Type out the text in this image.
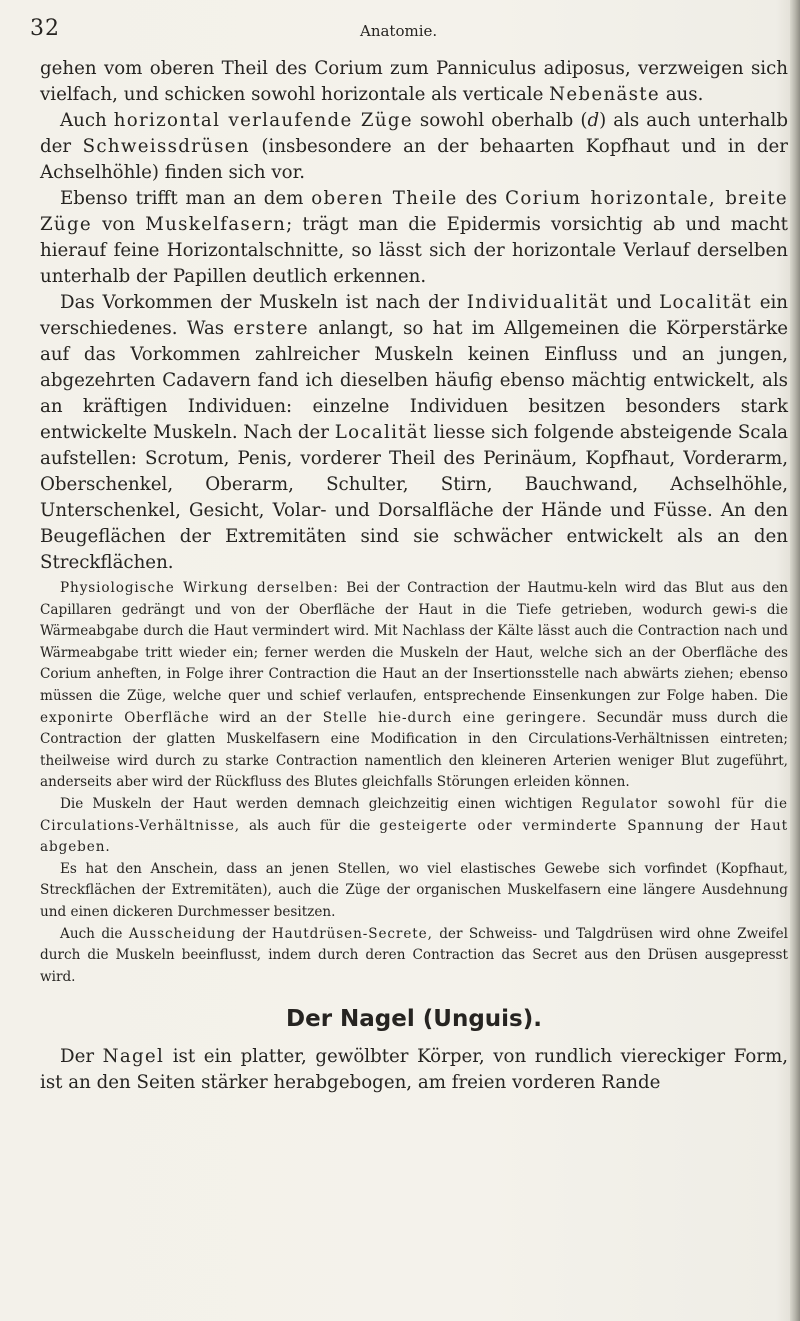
32	Anatomie.

gehen vom oberen Theil des Corium zum Panniculus adiposus, verzweigen sich vielfach, und schicken sowohl horizontale als verticale Nebenäste aus.

Auch horizontal verlaufende Züge sowohl oberhalb (d) als auch unterhalb der Schweissdrüsen (insbesondere an der behaarten Kopfhaut und in der Achselhöhle) finden sich vor.

Ebenso trifft man an dem oberen Theile des Corium horizontale, breite Züge von Muskelfasern; trägt man die Epidermis vorsichtig ab und macht hierauf feine Horizontalschnitte, so lässt sich der horizontale Verlauf derselben unterhalb der Papillen deutlich erkennen.

Das Vorkommen der Muskeln ist nach der Individualität und Localität ein verschiedenes. Was erstere anlangt, so hat im Allgemeinen die Körperstärke auf das Vorkommen zahlreicher Muskeln keinen Einfluss und an jungen, abgezehrten Cadavern fand ich dieselben häufig ebenso mächtig entwickelt, als an kräftigen Individuen: einzelne Individuen besitzen besonders stark entwickelte Muskeln. Nach der Localität liesse sich folgende absteigende Scala aufstellen: Scrotum, Penis, vorderer Theil des Perinäum, Kopfhaut, Vorderarm, Oberschenkel, Oberarm, Schulter, Stirn, Bauchwand, Achselhöhle, Unterschenkel, Gesicht, Volar- und Dorsalfläche der Hände und Füsse. An den Beugeflächen der Extremitäten sind sie schwächer entwickelt als an den Streckflächen.

Physiologische Wirkung derselben: Bei der Contraction der Hautmu-keln wird das Blut aus den Capillaren gedrängt und von der Oberfläche der Haut in die Tiefe getrieben, wodurch gewi-s die Wärmeabgabe durch die Haut vermindert wird. Mit Nachlass der Kälte lässt auch die Contraction nach und Wärmeabgabe tritt wieder ein; ferner werden die Muskeln der Haut, welche sich an der Oberfläche des Corium anheften, in Folge ihrer Contraction die Haut an der Insertionsstelle nach abwärts ziehen; ebenso müssen die Züge, welche quer und schief verlaufen, entsprechende Einsenkungen zur Folge haben. Die exponirte Oberfläche wird an der Stelle hie-durch eine geringere. Secundär muss durch die Contraction der glatten Muskelfasern eine Modification in den Circulations-Verhältnissen eintreten; theilweise wird durch zu starke Contraction namentlich den kleineren Arterien weniger Blut zugeführt, anderseits aber wird der Rückfluss des Blutes gleichfalls Störungen erleiden können.

Die Muskeln der Haut werden demnach gleichzeitig einen wichtigen Regulator sowohl für die Circulations-Verhältnisse, als auch für die gesteigerte oder verminderte Spannung der Haut abgeben.

Es hat den Anschein, dass an jenen Stellen, wo viel elastisches Gewebe sich vorfindet (Kopfhaut, Streckflächen der Extremitäten), auch die Züge der organischen Muskelfasern eine längere Ausdehnung und einen dickeren Durchmesser besitzen.

Auch die Ausscheidung der Hautdrüsen-Secrete, der Schweiss- und Talgdrüsen wird ohne Zweifel durch die Muskeln beeinflusst, indem durch deren Contraction das Secret aus den Drüsen ausgepresst wird.

Der Nagel (Unguis).

Der Nagel ist ein platter, gewölbter Körper, von rundlich viereckiger Form, ist an den Seiten stärker herabgebogen, am freien vorderen Rande
